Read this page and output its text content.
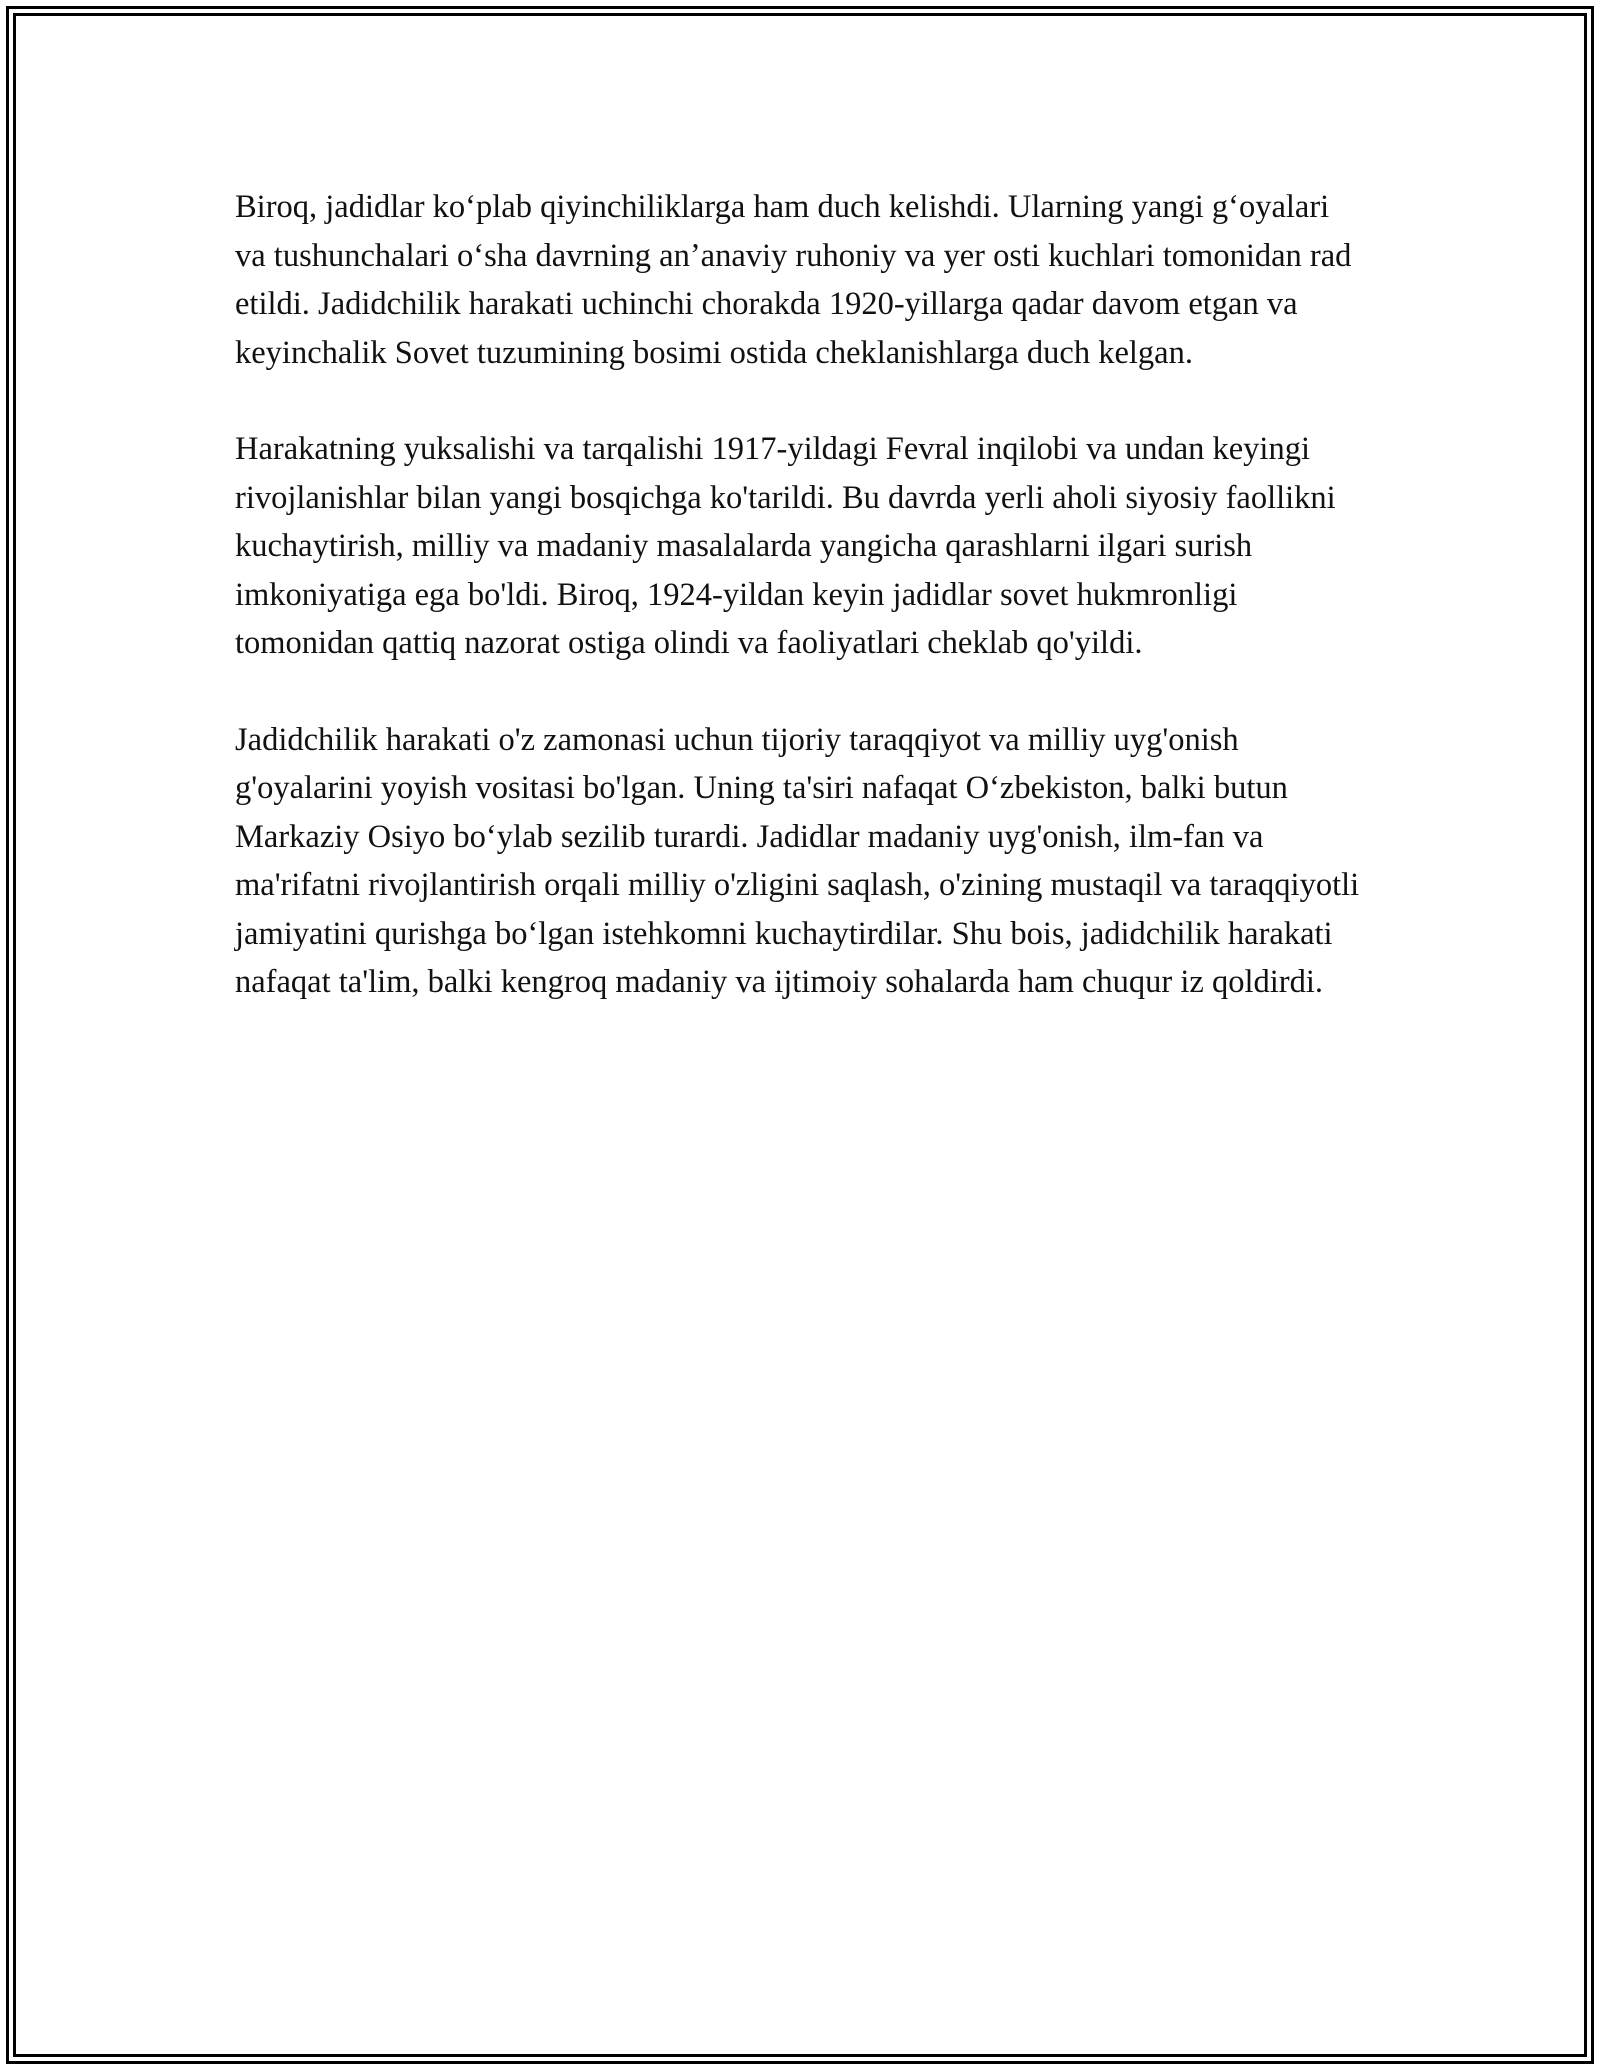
Biroq, jadidlar koʻplab qiyinchiliklarga ham duch kelishdi. Ularning yangi gʻoyalari va tushunchalari oʻsha davrning anʼanaviy ruhoniy va yer osti kuchlari tomonidan rad etildi. Jadidchilik harakati uchinchi chorakda 1920-yillarga qadar davom etgan va keyinchalik Sovet tuzumining bosimi ostida cheklanishlarga duch kelgan.

Harakatning yuksalishi va tarqalishi 1917-yildagi Fevral inqilobi va undan keyingi rivojlanishlar bilan yangi bosqichga ko'tarildi. Bu davrda yerli aholi siyosiy faollikni kuchaytirish, milliy va madaniy masalalarda yangicha qarashlarni ilgari surish imkoniyatiga ega bo'ldi. Biroq, 1924-yildan keyin jadidlar sovet hukmronligi tomonidan qattiq nazorat ostiga olindi va faoliyatlari cheklab qo'yildi.

Jadidchilik harakati o'z zamonasi uchun tijoriy taraqqiyot va milliy uyg'onish g'oyalarini yoyish vositasi bo'lgan. Uning ta'siri nafaqat Oʻzbekiston, balki butun Markaziy Osiyo boʻylab sezilib turardi. Jadidlar madaniy uyg'onish, ilm-fan va ma'rifatni rivojlantirish orqali milliy o'zligini saqlash, o'zining mustaqil va taraqqiyotli jamiyatini qurishga boʻlgan istehkomni kuchaytirdilar. Shu bois, jadidchilik harakati nafaqat ta'lim, balki kengroq madaniy va ijtimoiy sohalarda ham chuqur iz qoldirdi.
